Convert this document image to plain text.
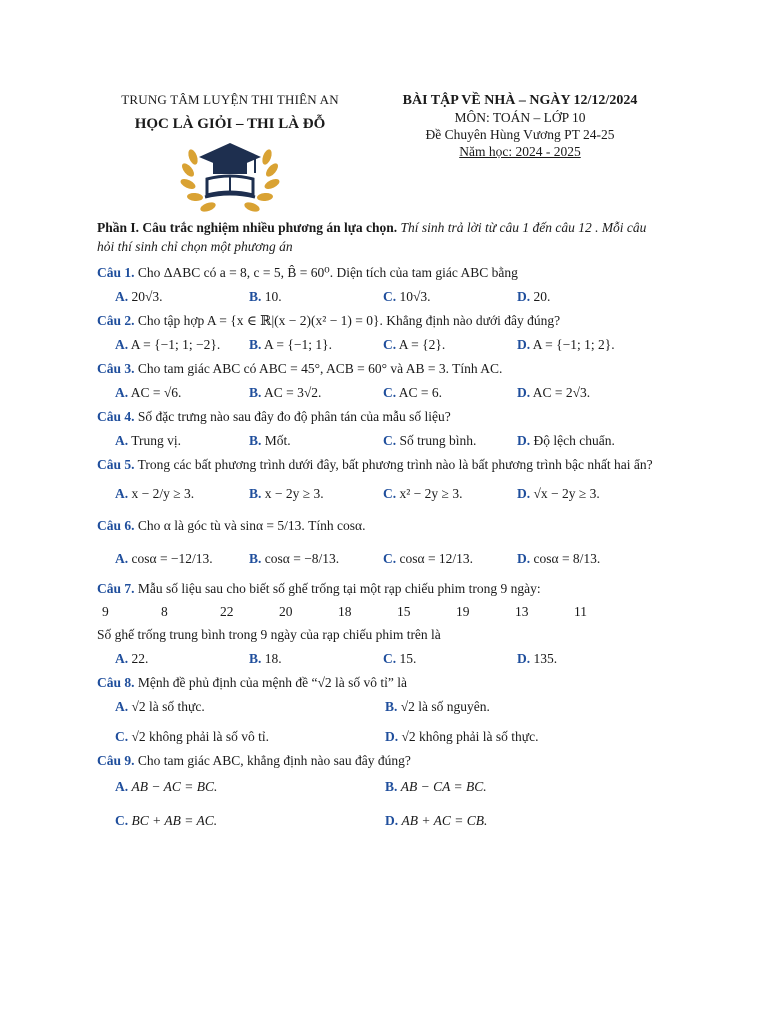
TRUNG TÂM LUYỆN THI THIÊN AN
HỌC LÀ GIỎI – THI LÀ ĐỖ
BÀI TẬP VỀ NHÀ – NGÀY 12/12/2024
MÔN: TOÁN – LỚP 10
Đề Chuyên Hùng Vương PT 24-25
Năm học: 2024 - 2025
Phần I. Câu trắc nghiệm nhiều phương án lựa chọn. Thí sinh trả lời từ câu 1 đến câu 12 . Mỗi câu hỏi thí sinh chỉ chọn một phương án
Câu 1. Cho ΔABC có a = 8, c = 5, B̂ = 60⁰. Diện tích của tam giác ABC bằng
A. 20√3.	B. 10.	C. 10√3.	D. 20.
Câu 2. Cho tập hợp A = {x ∈ ℝ|(x − 2)(x² − 1) = 0}. Khẳng định nào dưới đây đúng?
A. A = {−1; 1; −2}.	B. A = {−1; 1}.	C. A = {2}.	D. A = {−1; 1; 2}.
Câu 3. Cho tam giác ABC có ABC = 45°, ACB = 60° và AB = 3. Tính AC.
A. AC = √6.	B. AC = 3√2.	C. AC = 6.	D. AC = 2√3.
Câu 4. Số đặc trưng nào sau đây đo độ phân tán của mẫu số liệu?
A. Trung vị.	B. Mốt.	C. Số trung bình.	D. Độ lệch chuẩn.
Câu 5. Trong các bất phương trình dưới đây, bất phương trình nào là bất phương trình bậc nhất hai ẩn?
A. x − 2/y ≥ 3.	B. x − 2y ≥ 3.	C. x² − 2y ≥ 3.	D. √x − 2y ≥ 3.
Câu 6. Cho α là góc tù và sinα = 5/13. Tính cosα.
A. cosα = −12/13.	B. cosα = −8/13.	C. cosα = 12/13.	D. cosα = 8/13.
Câu 7. Mẫu số liệu sau cho biết số ghế trống tại một rạp chiếu phim trong 9 ngày:
9	8	22	20	18	15	19	13	11
Số ghế trống trung bình trong 9 ngày của rạp chiếu phim trên là
A. 22.	B. 18.	C. 15.	D. 135.
Câu 8. Mệnh đề phủ định của mệnh đề “√2 là số vô tỉ” là
A. √2 là số thực.	B. √2 là số nguyên.
C. √2 không phải là số vô tỉ.	D. √2 không phải là số thực.
Câu 9. Cho tam giác ABC, khẳng định nào sau đây đúng?
A. AB − AC = BC.	B. AB − CA = BC.
C. BC + AB = AC.	D. AB + AC = CB.
